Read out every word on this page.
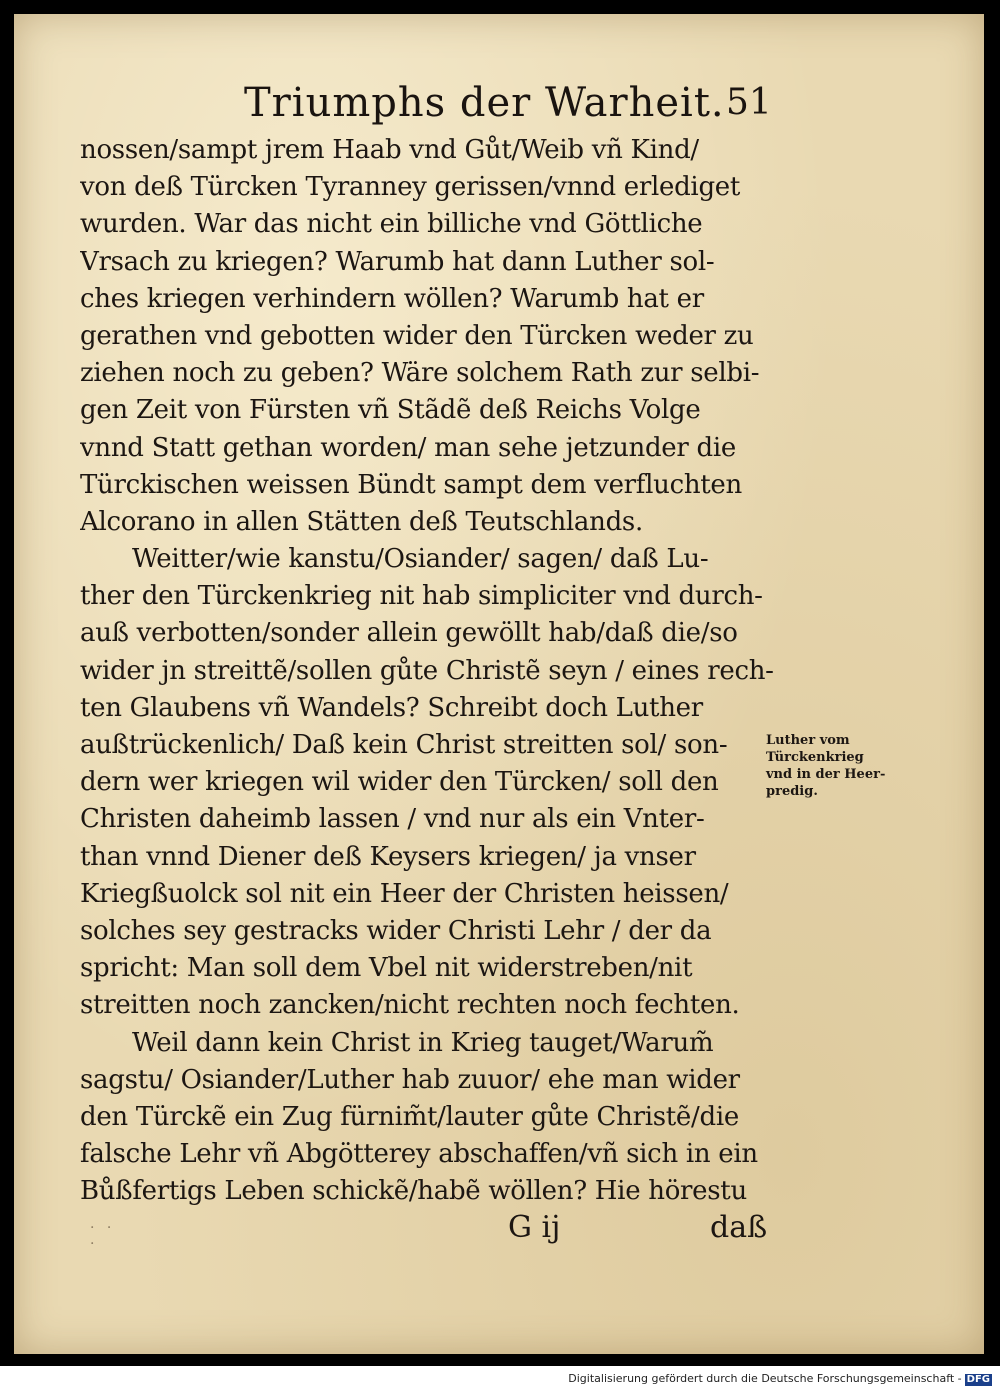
Triumphs der Warheit. 51
nossen/sampt jrem Haab vnd Gůt/Weib vñ Kind/
von deß Türcken Tyranney gerissen/vnnd erlediget
wurden. War das nicht ein billiche vnd Göttliche
Vrsach zu kriegen? Warumb hat dann Luther sol-
ches kriegen verhindern wöllen? Warumb hat er
gerathen vnd gebotten wider den Türcken weder zu
ziehen noch zu geben? Wäre solchem Rath zur selbi-
gen Zeit von Fürsten vñ Stãdẽ deß Reichs Volge
vnnd Statt gethan worden/ man sehe jetzunder die
Türckischen weissen Bündt sampt dem verfluchten
Alcorano in allen Stätten deß Teutschlands.
Weitter/wie kanstu/Osiander/ sagen/ daß Lu-
ther den Türckenkrieg nit hab simpliciter vnd durch-
auß verbotten/sonder allein gewöllt hab/daß die/so
wider jn streittẽ/sollen gůte Christẽ seyn / eines rech-
ten Glaubens vñ Wandels? Schreibt doch Luther
außtrückenlich/ Daß kein Christ streitten sol/ son-
dern wer kriegen wil wider den Türcken/ soll den
Christen daheimb lassen / vnd nur als ein Vnter-
than vnnd Diener deß Keysers kriegen/ ja vnser
Kriegßuolck sol nit ein Heer der Christen heissen/
solches sey gestracks wider Christi Lehr / der da
spricht: Man soll dem Vbel nit widerstreben/nit
streitten noch zancken/nicht rechten noch fechten.
Weil dann kein Christ in Krieg tauget/Warum̃
sagstu/ Osiander/Luther hab zuuor/ ehe man wider
den Türckẽ ein Zug fürnim̃t/lauter gůte Christẽ/die
falsche Lehr vñ Abgötterey abschaffen/vñ sich in ein
Bůßfertigs Leben schickẽ/habẽ wöllen? Hie hörestu
Luther vom
Türckenkrieg
vnd in der Heer-
predig.
· · ·	G ij	daß
Digitalisierung gefördert durch die Deutsche Forschungsgemeinschaft - DFG
